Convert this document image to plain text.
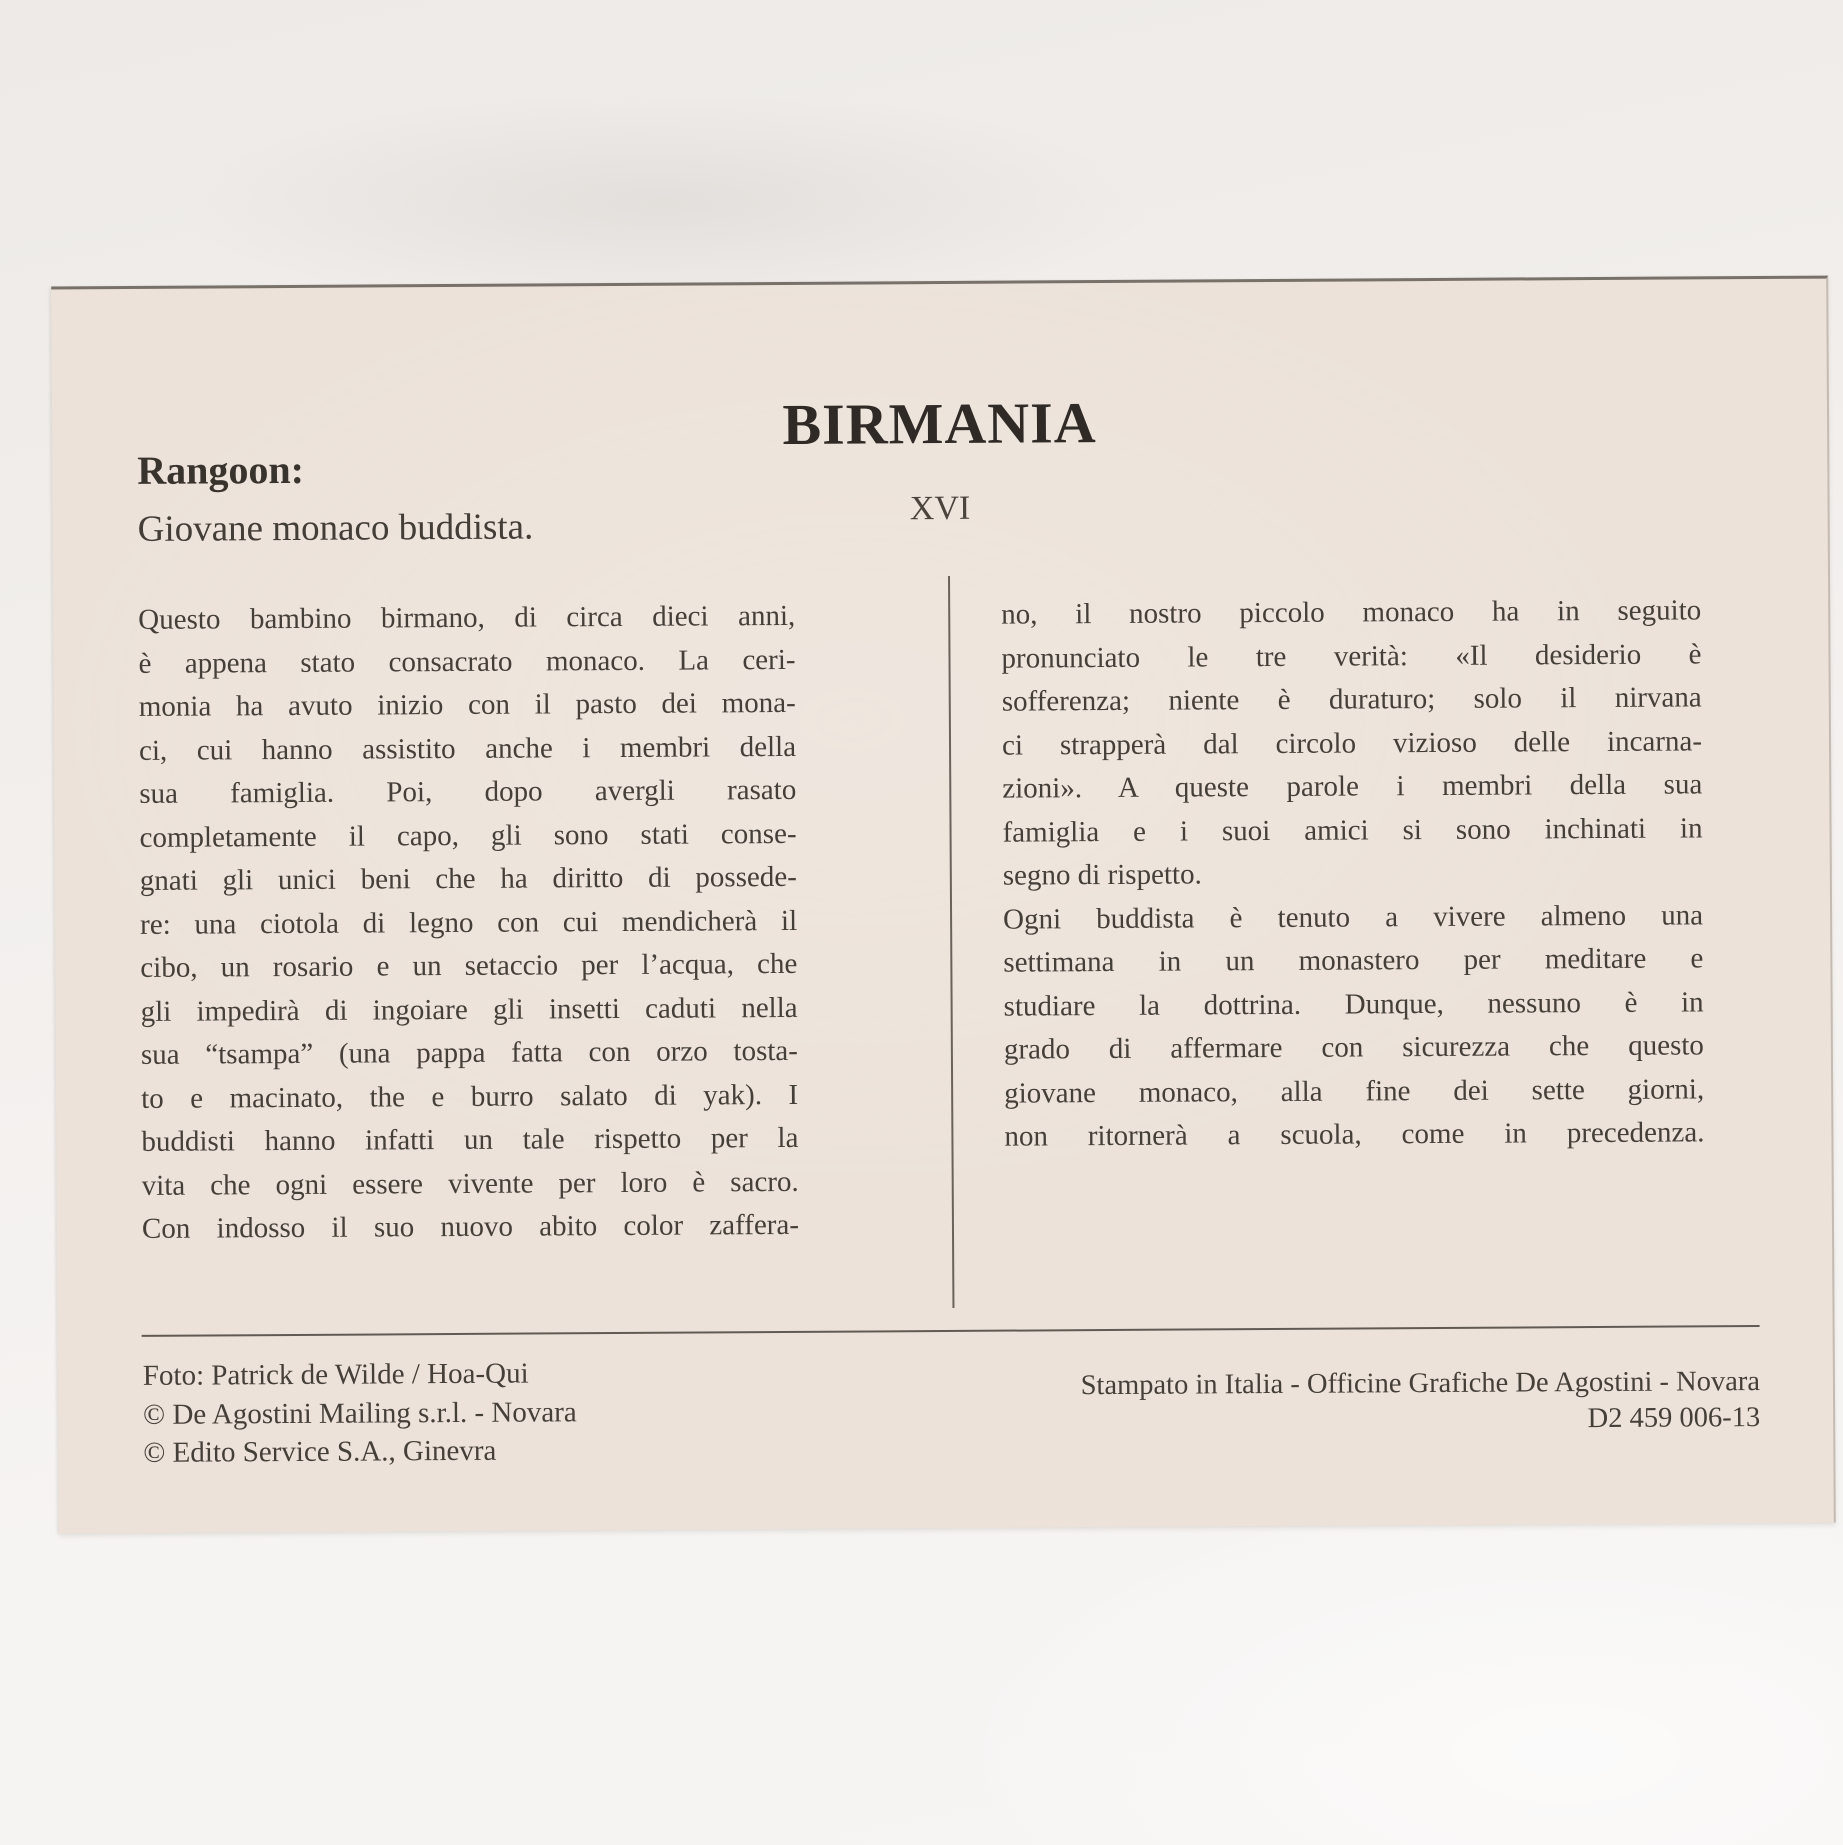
BIRMANIA
XVI
Rangoon:
Giovane monaco buddista.
Questo bambino birmano, di circa dieci anni,
è appena stato consacrato monaco. La ceri-
monia ha avuto inizio con il pasto dei mona-
ci, cui hanno assistito anche i membri della
sua famiglia. Poi, dopo avergli rasato
completamente il capo, gli sono stati conse-
gnati gli unici beni che ha diritto di possede-
re: una ciotola di legno con cui mendicherà il
cibo, un rosario e un setaccio per l’acqua, che
gli impedirà di ingoiare gli insetti caduti nella
sua “tsampa” (una pappa fatta con orzo tosta-
to e macinato, the e burro salato di yak). I
buddisti hanno infatti un tale rispetto per la
vita che ogni essere vivente per loro è sacro.
Con indosso il suo nuovo abito color zaffera-
no, il nostro piccolo monaco ha in seguito
pronunciato le tre verità: «Il desiderio è
sofferenza; niente è duraturo; solo il nirvana
ci strapperà dal circolo vizioso delle incarna-
zioni». A queste parole i membri della sua
famiglia e i suoi amici si sono inchinati in
segno di rispetto.
Ogni buddista è tenuto a vivere almeno una
settimana in un monastero per meditare e
studiare la dottrina. Dunque, nessuno è in
grado di affermare con sicurezza che questo
giovane monaco, alla fine dei sette giorni,
non ritornerà a scuola, come in precedenza.
Foto: Patrick de Wilde / Hoa-Qui
© De Agostini Mailing s.r.l. - Novara
© Edito Service S.A., Ginevra
Stampato in Italia - Officine Grafiche De Agostini - Novara
D2 459 006-13
